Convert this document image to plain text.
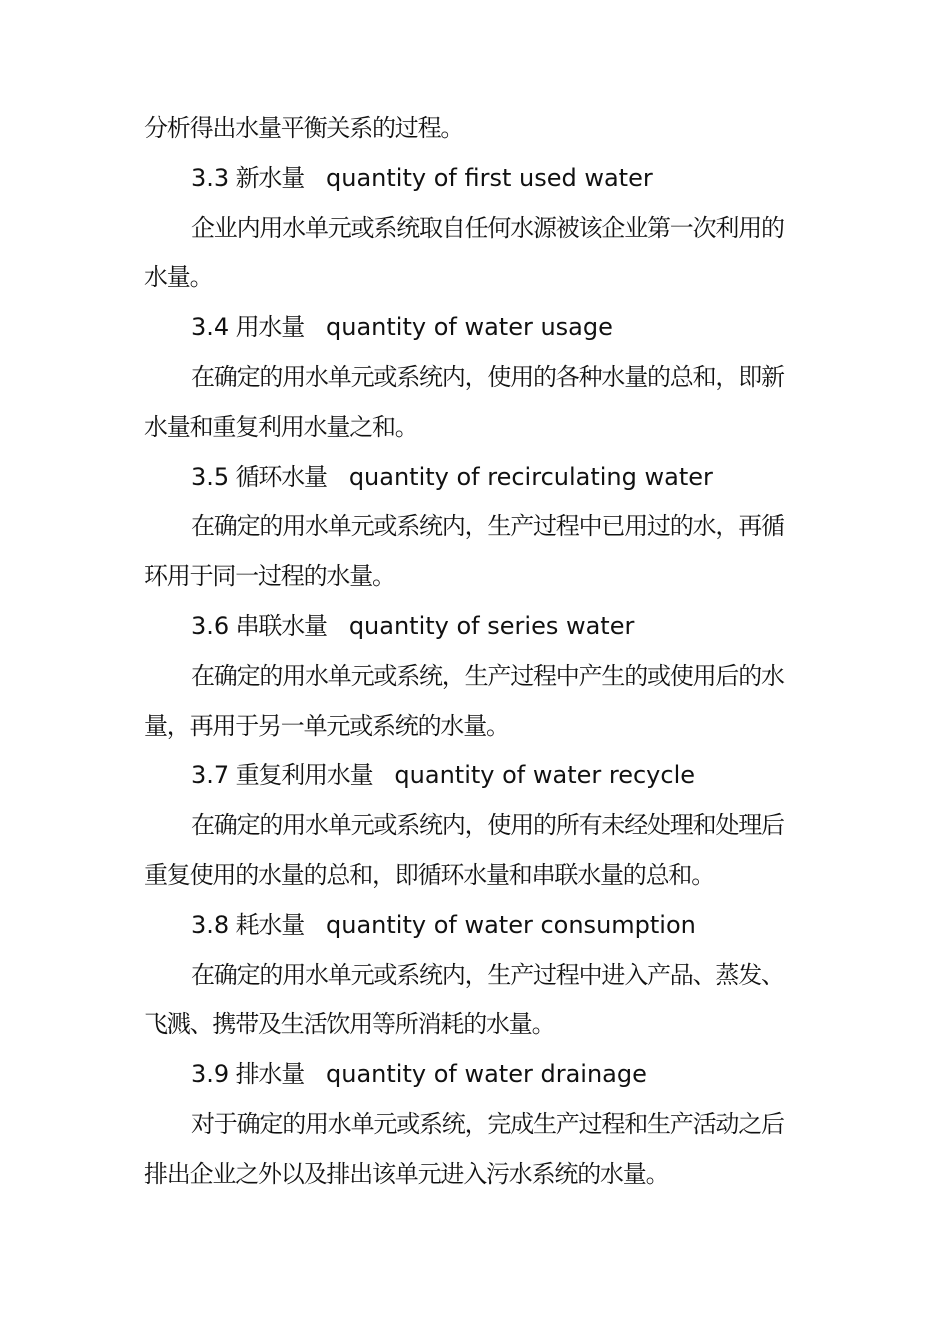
分析得出水量平衡关系的过程。
3.3 新水量 quantity of first used water
企业内用水单元或系统取自任何水源被该企业第一次利用的
水量。
3.4 用水量 quantity of water usage
在确定的用水单元或系统内，使用的各种水量的总和，即新
水量和重复利用水量之和。
3.5 循环水量 quantity of recirculating water
在确定的用水单元或系统内，生产过程中已用过的水，再循
环用于同一过程的水量。
3.6 串联水量 quantity of series water
在确定的用水单元或系统，生产过程中产生的或使用后的水
量，再用于另一单元或系统的水量。
3.7 重复利用水量 quantity of water recycle
在确定的用水单元或系统内，使用的所有未经处理和处理后
重复使用的水量的总和，即循环水量和串联水量的总和。
3.8 耗水量 quantity of water consumption
在确定的用水单元或系统内，生产过程中进入产品、蒸发、
飞溅、携带及生活饮用等所消耗的水量。
3.9 排水量 quantity of water drainage
对于确定的用水单元或系统，完成生产过程和生产活动之后
排出企业之外以及排出该单元进入污水系统的水量。
